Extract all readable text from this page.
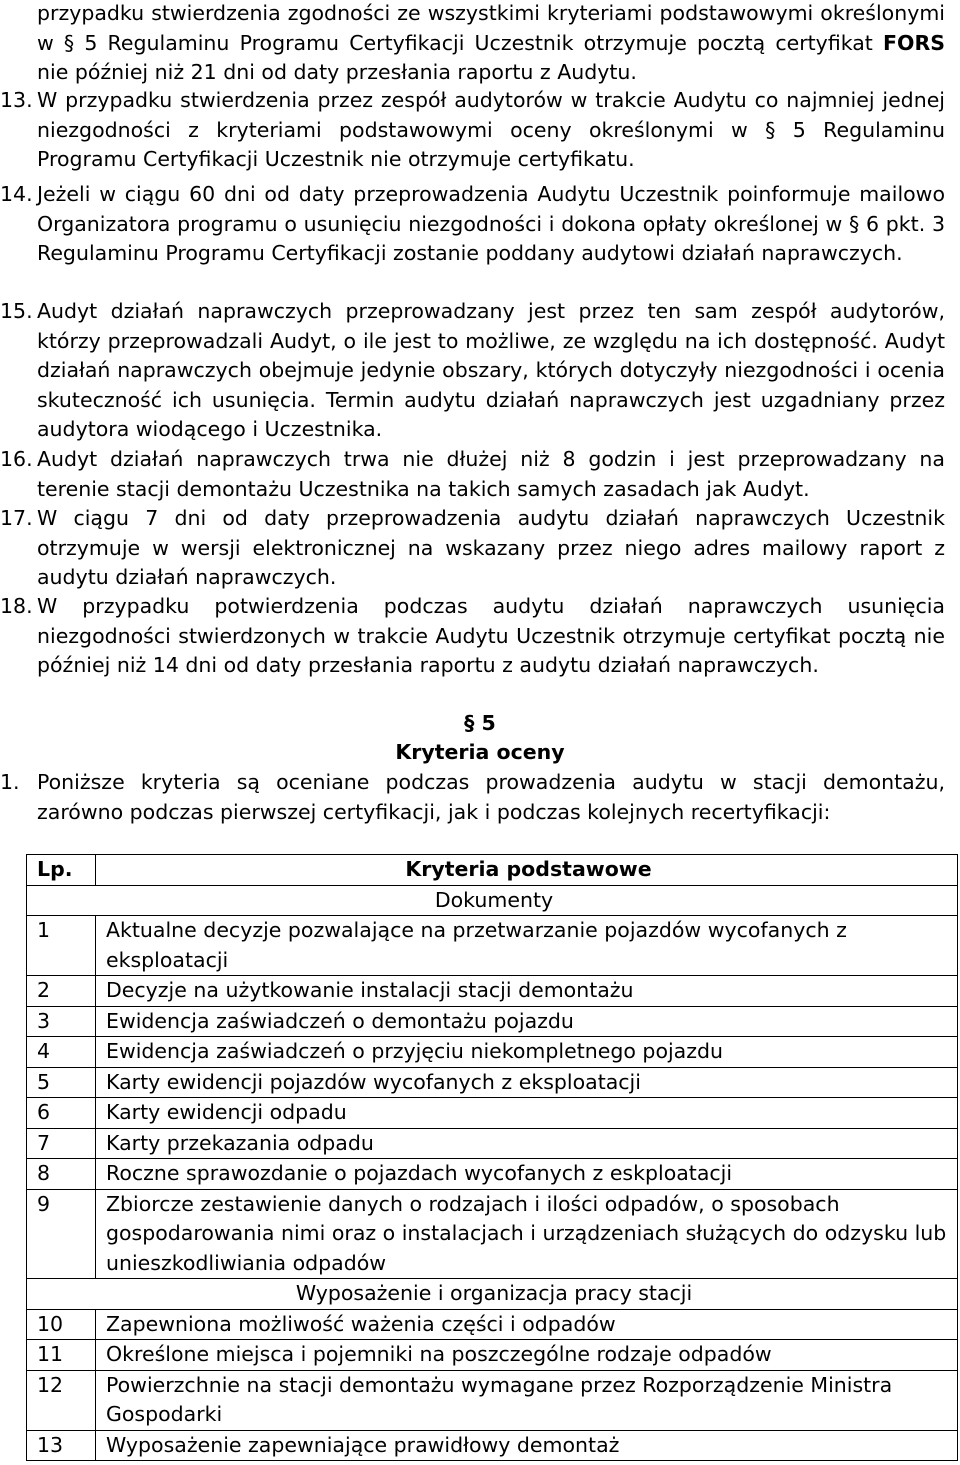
przypadku stwierdzenia zgodności ze wszystkimi kryteriami podstawowymi określonymi w § 5 Regulaminu Programu Certyfikacji Uczestnik otrzymuje pocztą certyfikat FORS nie później niż 21 dni od daty przesłania raportu z Audytu.
13. W przypadku stwierdzenia przez zespół audytorów w trakcie Audytu co najmniej jednej niezgodności z kryteriami podstawowymi oceny określonymi w § 5 Regulaminu Programu Certyfikacji Uczestnik nie otrzymuje certyfikatu.
14. Jeżeli w ciągu 60 dni od daty przeprowadzenia Audytu Uczestnik poinformuje mailowo Organizatora programu o usunięciu niezgodności i dokona opłaty określonej w § 6 pkt. 3 Regulaminu Programu Certyfikacji zostanie poddany audytowi działań naprawczych.
15. Audyt działań naprawczych przeprowadzany jest przez ten sam zespół audytorów, którzy przeprowadzali Audyt, o ile jest to możliwe, ze względu na ich dostępność. Audyt działań naprawczych obejmuje jedynie obszary, których dotyczyły niezgodności i ocenia skuteczność ich usunięcia. Termin audytu działań naprawczych jest uzgadniany przez audytora wiodącego i Uczestnika.
16. Audyt działań naprawczych trwa nie dłużej niż 8 godzin i jest przeprowadzany na terenie stacji demontażu Uczestnika na takich samych zasadach jak Audyt.
17. W ciągu 7 dni od daty przeprowadzenia audytu działań naprawczych Uczestnik otrzymuje w wersji elektronicznej na wskazany przez niego adres mailowy raport z audytu działań naprawczych.
18. W przypadku potwierdzenia podczas audytu działań naprawczych usunięcia niezgodności stwierdzonych w trakcie Audytu Uczestnik otrzymuje certyfikat pocztą nie później niż 14 dni od daty przesłania raportu z audytu działań naprawczych.
§ 5
Kryteria oceny
1. Poniższe kryteria są oceniane podczas prowadzenia audytu w stacji demontażu, zarówno podczas pierwszej certyfikacji, jak i podczas kolejnych recertyfikacji:
Lp.	Kryteria podstawowe
Dokumenty	
1	Aktualne decyzje pozwalające na przetwarzanie pojazdów wycofanych z eksploatacji
2	Decyzje na użytkowanie instalacji stacji demontażu
3	Ewidencja zaświadczeń o demontażu pojazdu
4	Ewidencja zaświadczeń o przyjęciu niekompletnego pojazdu
5	Karty ewidencji pojazdów wycofanych z eksploatacji
6	Karty ewidencji odpadu
7	Karty przekazania odpadu
8	Roczne sprawozdanie o pojazdach wycofanych z eskploatacji
9	Zbiorcze zestawienie danych o rodzajach i ilości odpadów, o sposobach gospodarowania nimi oraz o instalacjach i urządzeniach służących do odzysku lub unieszkodliwiania odpadów
Wyposażenie i organizacja pracy stacji	
10	Zapewniona możliwość ważenia części i odpadów
11	Określone miejsca i pojemniki na poszczególne rodzaje odpadów
12	Powierzchnie na stacji demontażu wymagane przez Rozporządzenie Ministra Gospodarki
13	Wyposażenie zapewniające prawidłowy demontaż
